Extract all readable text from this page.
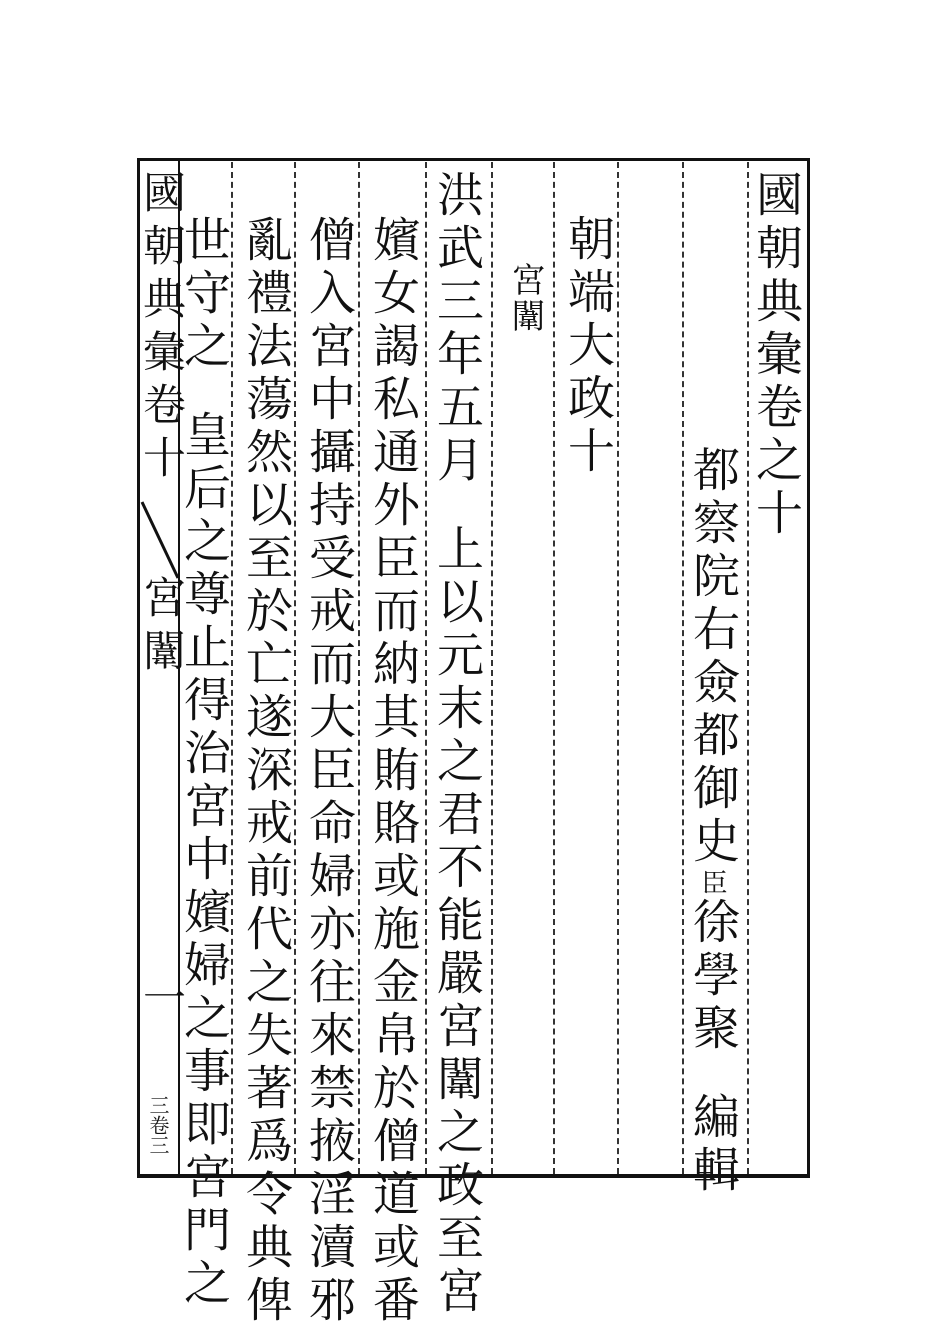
國朝典彙卷之十
都察院右僉都御史臣徐學聚編輯
朝端大政十
宮闈
洪武三年五月上以元末之君不能嚴宮闈之政至宮
嬪女謁私通外臣而納其賄賂或施金帛於僧道或番
僧入宮中攝持受戒而大臣命婦亦往來禁掖淫瀆邪
亂禮法蕩然以至於亡遂深戒前代之失著爲令典俾
世守之皇后之尊止得治宮中嬪婦之事即宮門之
國朝典彙卷十
宮闈
一
三卷三
